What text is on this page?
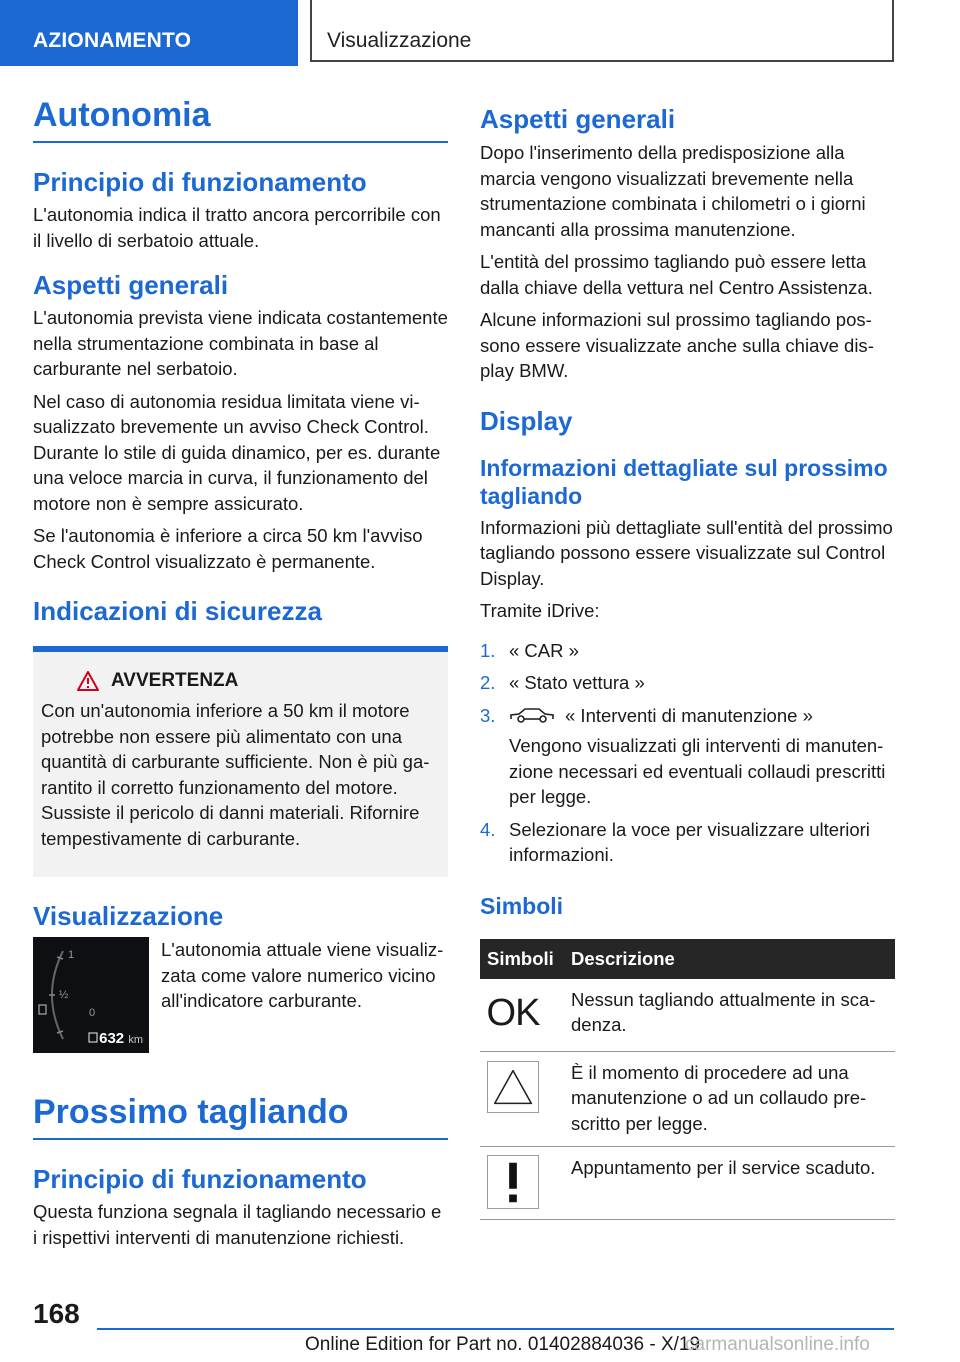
AZIONAMENTO	Visualizzazione
Autonomia
Principio di funzionamento

L'autonomia indica il tratto ancora percorribile con il livello di serbatoio attuale.

Aspetti generali

L'autonomia prevista viene indicata costantemente nella strumentazione combinata in base al carburante nel serbatoio.

Nel caso di autonomia residua limitata viene visualizzato brevemente un avviso Check Control. Durante lo stile di guida dinamico, per es. durante una veloce marcia in curva, il funzionamento del motore non è sempre assicurato.

Se l'autonomia è inferiore a circa 50 km l'avviso Check Control visualizzato è permanente.

Indicazioni di sicurezza
AVVERTENZA

Con un'autonomia inferiore a 50 km il motore potrebbe non essere più alimentato con una quantità di carburante sufficiente. Non è più garantito il corretto funzionamento del motore. Sussiste il pericolo di danni materiali. Rifornire tempestivamente di carburante.

Visualizzazione
1
½
0
632 km

L'autonomia attuale viene visualizzata come valore numerico vicino all'indicatore carburante.

Prossimo tagliando
Principio di funzionamento

Questa funziona segnala il tagliando necessario e i rispettivi interventi di manutenzione richiesti.

Aspetti generali

Dopo l'inserimento della predisposizione alla marcia vengono visualizzati brevemente nella strumentazione combinata i chilometri o i giorni mancanti alla prossima manutenzione.

L'entità del prossimo tagliando può essere letta dalla chiave della vettura nel Centro Assistenza.

Alcune informazioni sul prossimo tagliando possono essere visualizzate anche sulla chiave display BMW.

Display
Informazioni dettagliate sul prossimo tagliando

Informazioni più dettagliate sull'entità del prossimo tagliando possono essere visualizzate sul Control Display.

Tramite iDrive:

1. « CAR »
2. « Stato vettura »
3.	« Interventi di manutenzione »
Vengono visualizzati gli interventi di manutenzione necessari ed eventuali collaudi prescritti per legge.
4. Selezionare la voce per visualizzare ulteriori informazioni.
Simboli
Simboli	Descrizione

OK	Nessun tagliando attualmente in scadenza.

	È il momento di procedere ad una manutenzione o ad un collaudo prescritto per legge.

	Appuntamento per il service scaduto.
168
Online Edition for Part no. 01402884036 - X/19
carmanualsonline.info
